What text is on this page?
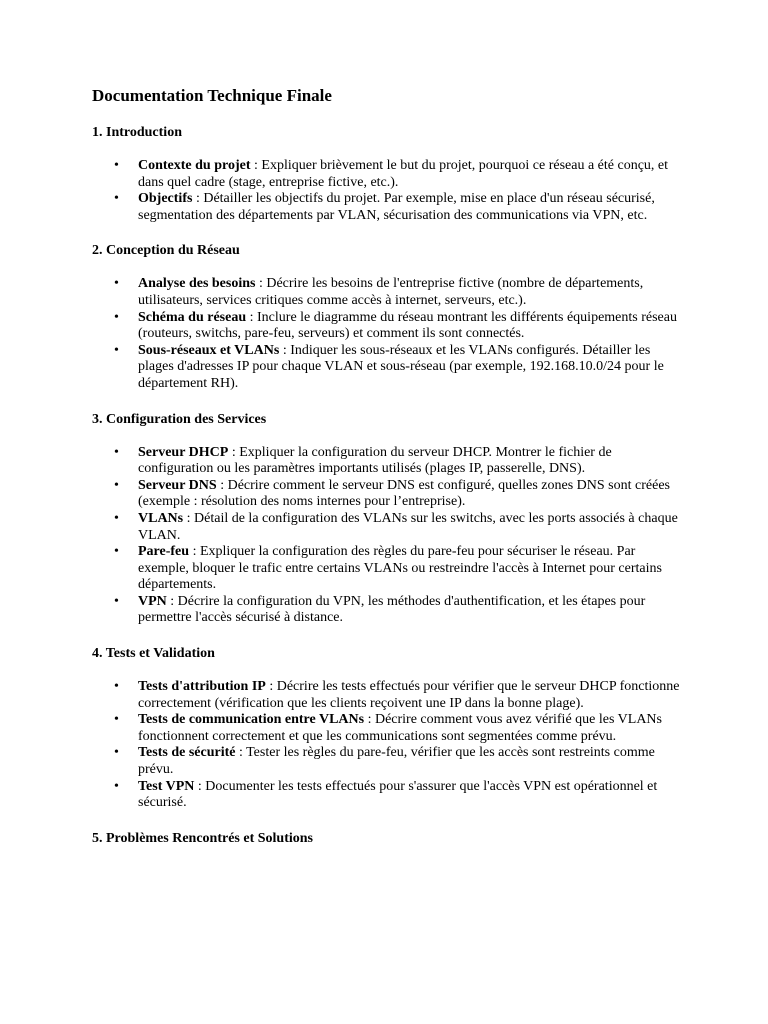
Documentation Technique Finale
1. Introduction
• Contexte du projet : Expliquer brièvement le but du projet, pourquoi ce réseau a été conçu, et dans quel cadre (stage, entreprise fictive, etc.).
• Objectifs : Détailler les objectifs du projet. Par exemple, mise en place d'un réseau sécurisé, segmentation des départements par VLAN, sécurisation des communications via VPN, etc.
2. Conception du Réseau
• Analyse des besoins : Décrire les besoins de l'entreprise fictive (nombre de départements, utilisateurs, services critiques comme accès à internet, serveurs, etc.).
• Schéma du réseau : Inclure le diagramme du réseau montrant les différents équipements réseau (routeurs, switchs, pare-feu, serveurs) et comment ils sont connectés.
• Sous-réseaux et VLANs : Indiquer les sous-réseaux et les VLANs configurés. Détailler les plages d'adresses IP pour chaque VLAN et sous-réseau (par exemple, 192.168.10.0/24 pour le département RH).
3. Configuration des Services
• Serveur DHCP : Expliquer la configuration du serveur DHCP. Montrer le fichier de configuration ou les paramètres importants utilisés (plages IP, passerelle, DNS).
• Serveur DNS : Décrire comment le serveur DNS est configuré, quelles zones DNS sont créées (exemple : résolution des noms internes pour l’entreprise).
• VLANs : Détail de la configuration des VLANs sur les switchs, avec les ports associés à chaque VLAN.
• Pare-feu : Expliquer la configuration des règles du pare-feu pour sécuriser le réseau. Par exemple, bloquer le trafic entre certains VLANs ou restreindre l'accès à Internet pour certains départements.
• VPN : Décrire la configuration du VPN, les méthodes d'authentification, et les étapes pour permettre l'accès sécurisé à distance.
4. Tests et Validation
• Tests d'attribution IP : Décrire les tests effectués pour vérifier que le serveur DHCP fonctionne correctement (vérification que les clients reçoivent une IP dans la bonne plage).
• Tests de communication entre VLANs : Décrire comment vous avez vérifié que les VLANs fonctionnent correctement et que les communications sont segmentées comme prévu.
• Tests de sécurité : Tester les règles du pare-feu, vérifier que les accès sont restreints comme prévu.
• Test VPN : Documenter les tests effectués pour s'assurer que l'accès VPN est opérationnel et sécurisé.
5. Problèmes Rencontrés et Solutions
